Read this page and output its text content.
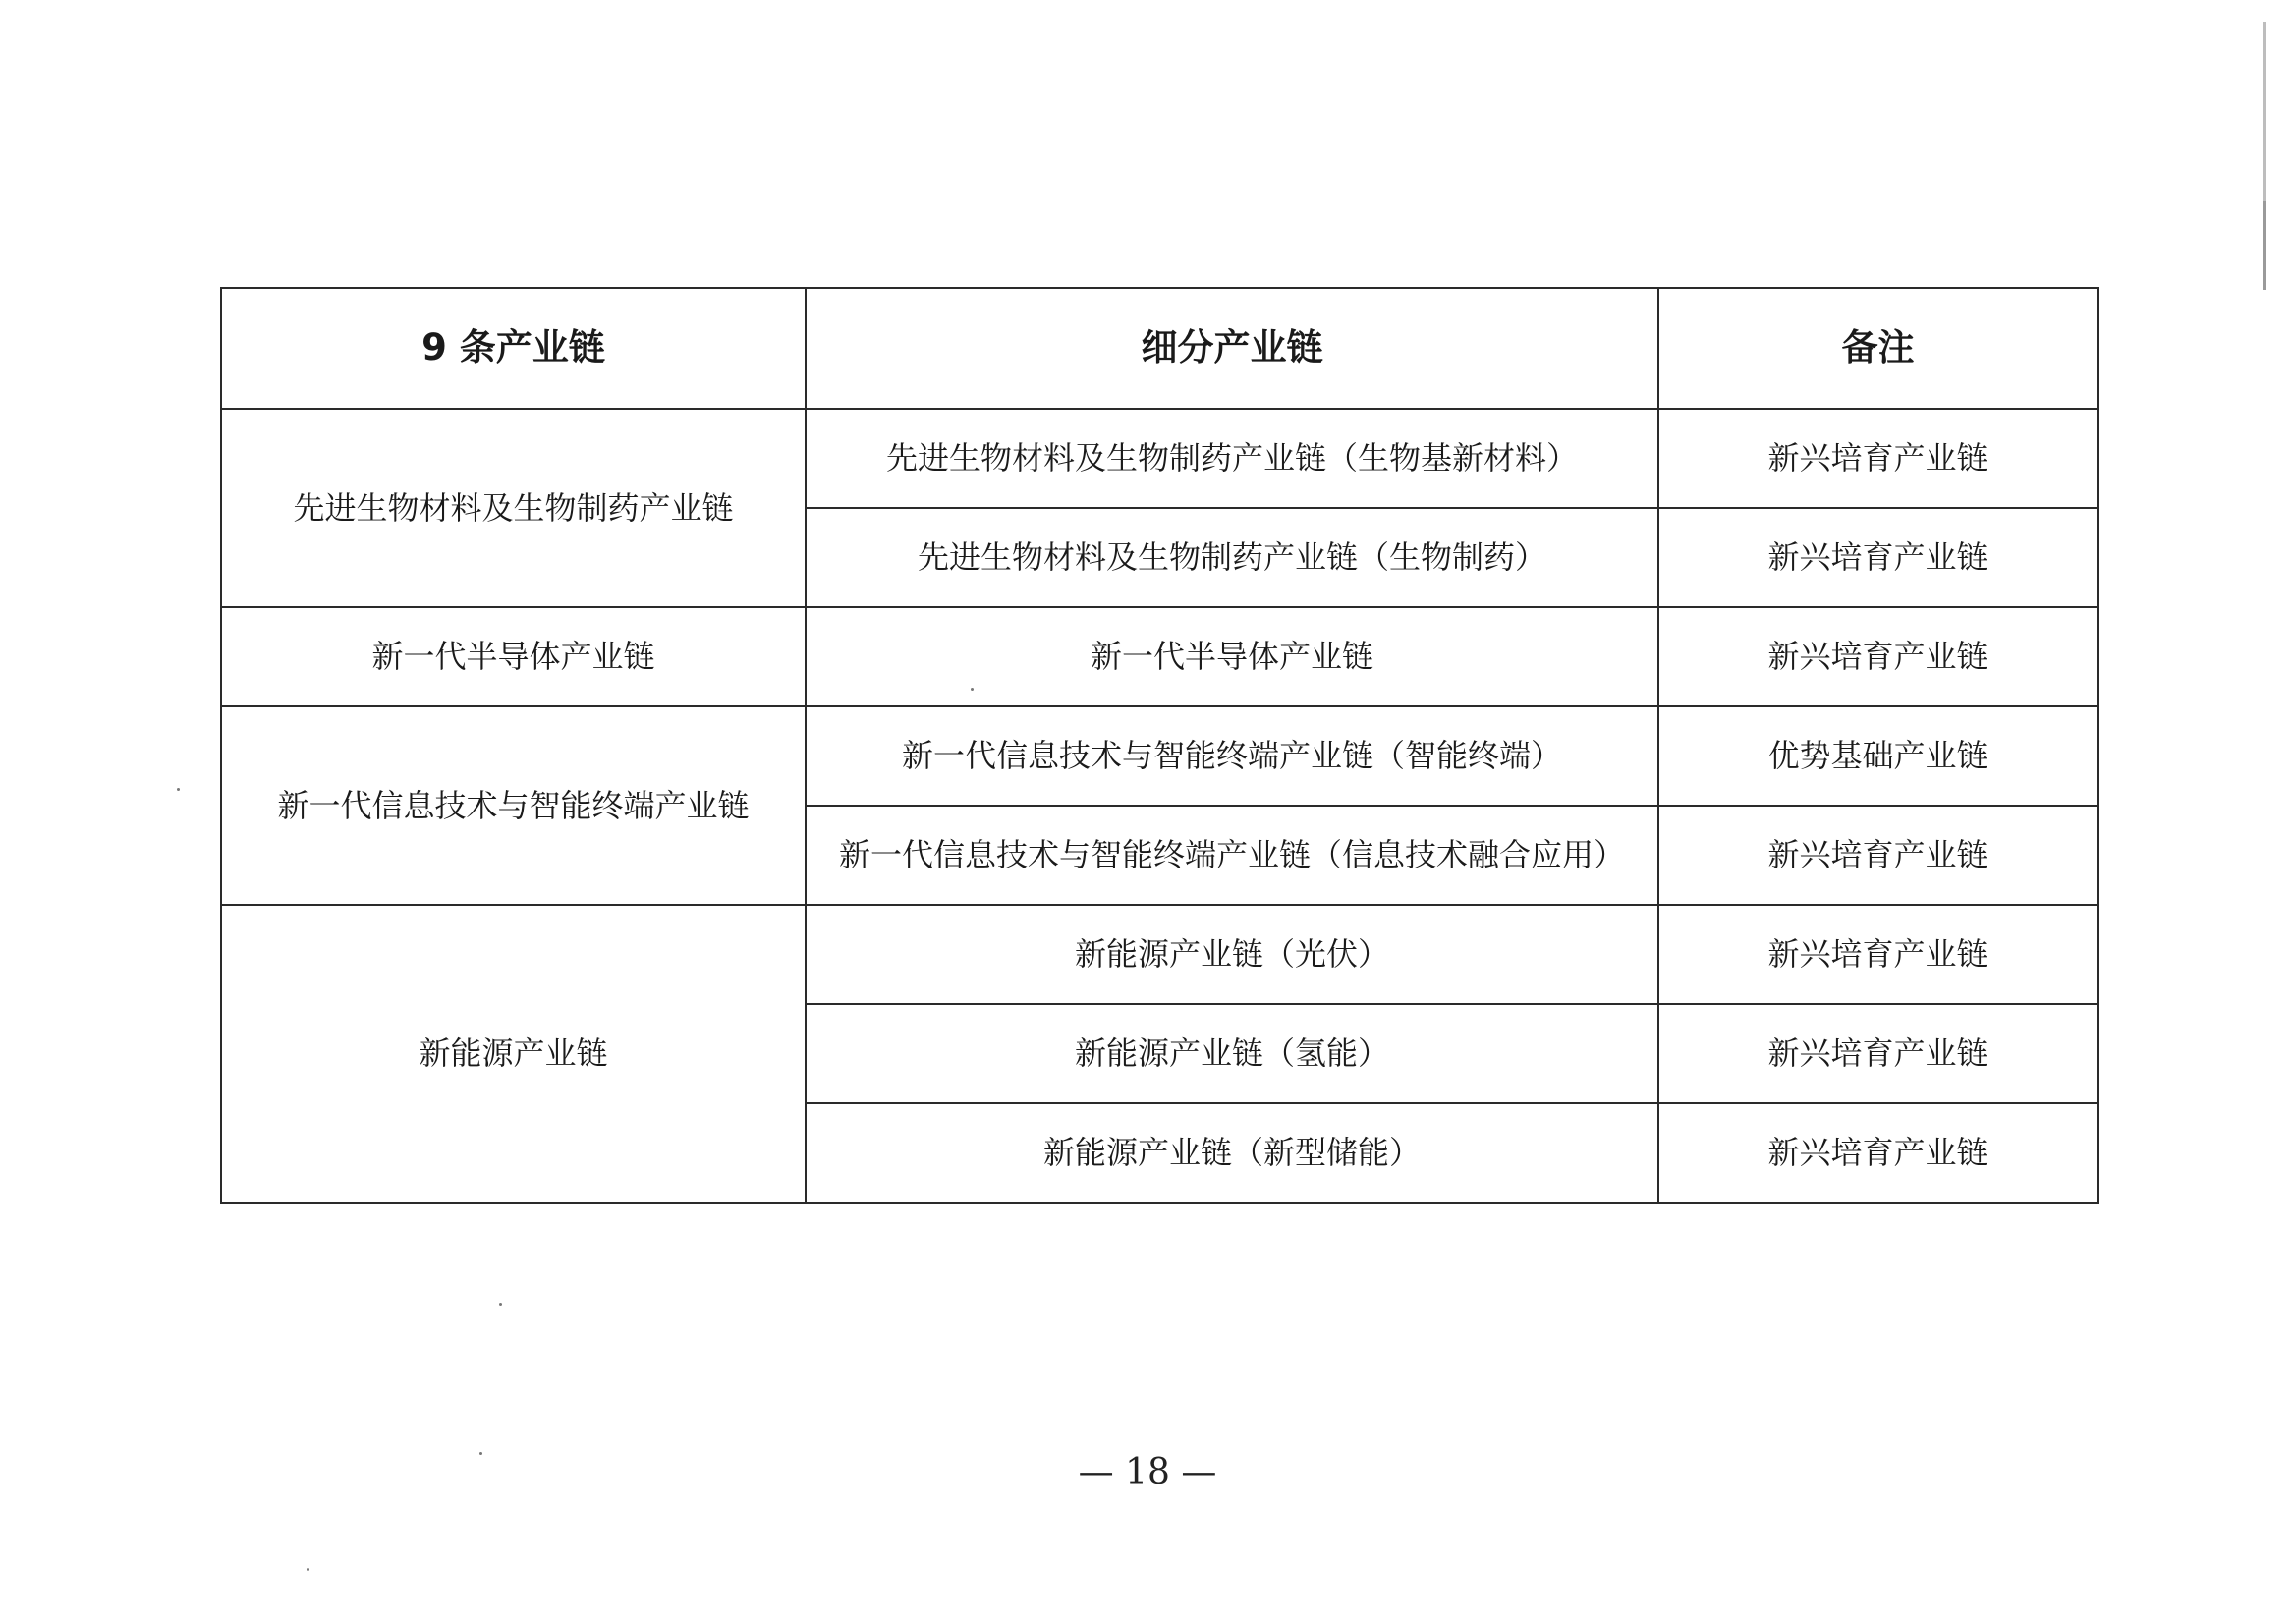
9 条产业链	细分产业链	备注
先进生物材料及生物制药产业链	先进生物材料及生物制药产业链（生物基新材料）	新兴培育产业链
	先进生物材料及生物制药产业链（生物制药）	新兴培育产业链
新一代半导体产业链	新一代半导体产业链	新兴培育产业链
新一代信息技术与智能终端产业链	新一代信息技术与智能终端产业链（智能终端）	优势基础产业链
	新一代信息技术与智能终端产业链（信息技术融合应用）	新兴培育产业链
新能源产业链	新能源产业链（光伏）	新兴培育产业链
	新能源产业链（氢能）	新兴培育产业链
	新能源产业链（新型储能）	新兴培育产业链
— 18 —
